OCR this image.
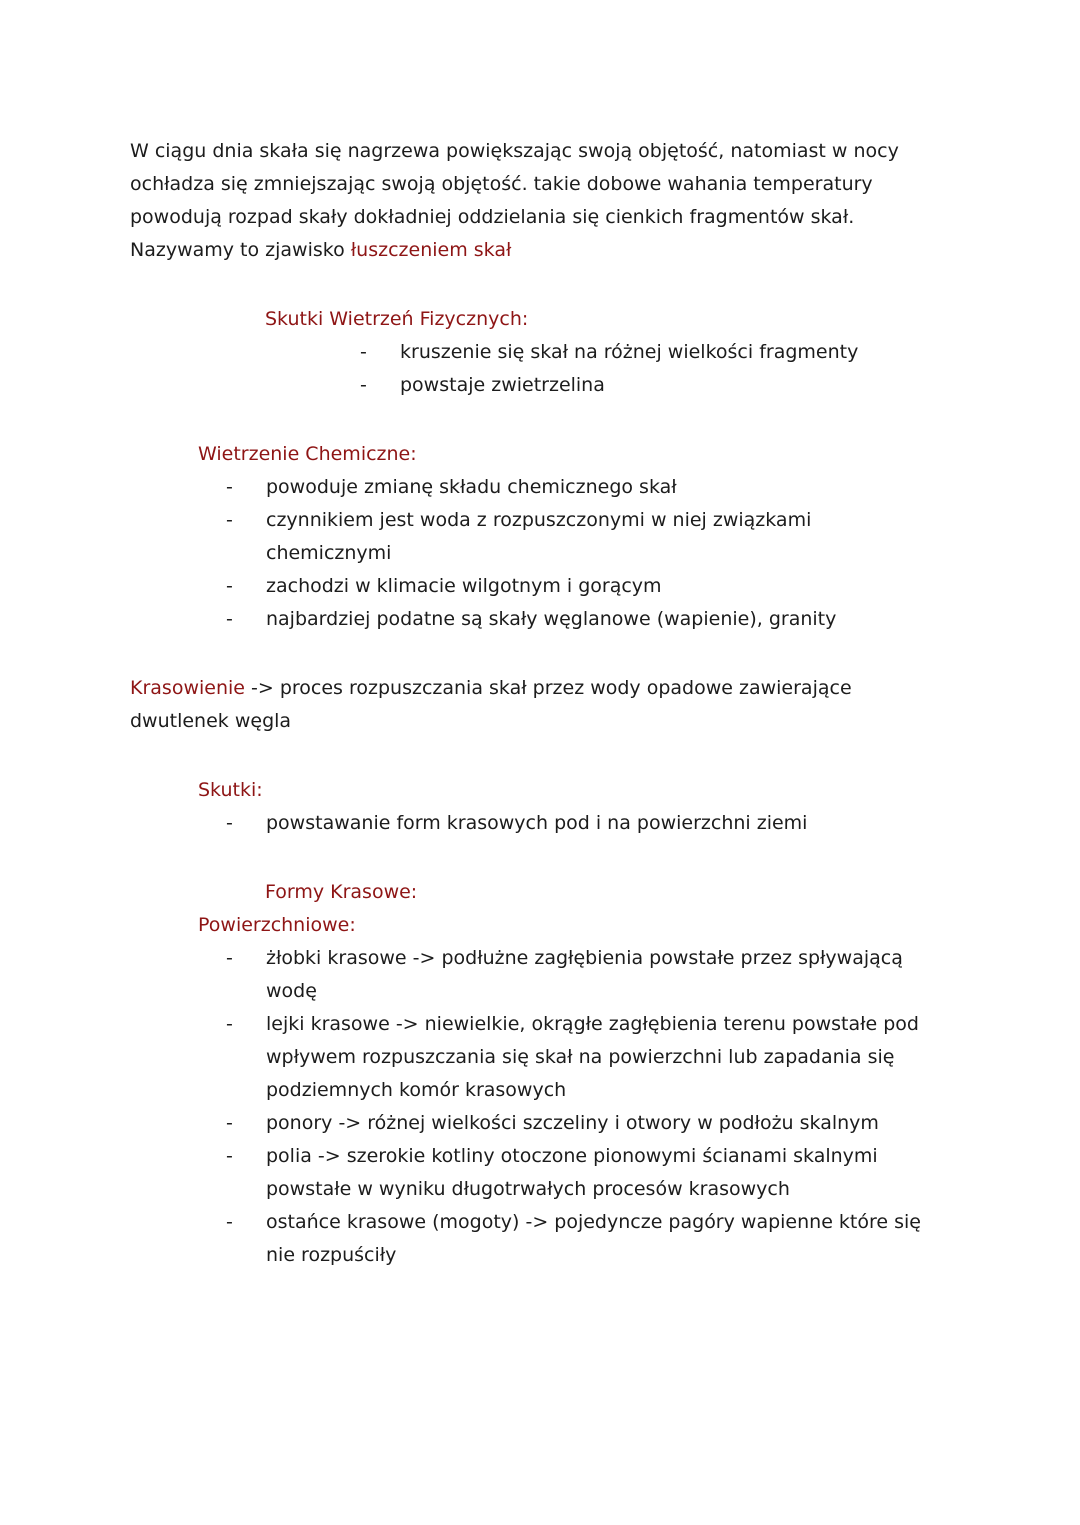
W ciągu dnia skała się nagrzewa powiększając swoją objętość, natomiast w nocy ochładza się zmniejszając swoją objętość. takie dobowe wahania temperatury powodują rozpad skały dokładniej oddzielania się cienkich fragmentów skał. Nazywamy to zjawisko łuszczeniem skał
Skutki Wietrzeń Fizycznych:
-	kruszenie się skał na różnej wielkości fragmenty
-	powstaje zwietrzelina
Wietrzenie Chemiczne:
-	powoduje zmianę składu chemicznego skał
-	czynnikiem jest woda z rozpuszczonymi w niej związkami chemicznymi
-	zachodzi w klimacie wilgotnym i gorącym
-	najbardziej podatne są skały węglanowe (wapienie), granity
Krasowienie -> proces rozpuszczania skał przez wody opadowe zawierające dwutlenek węgla
Skutki:
-	powstawanie form krasowych pod i na powierzchni ziemi
Formy Krasowe:
Powierzchniowe:
-	żłobki krasowe -> podłużne zagłębienia powstałe przez spływającą wodę
-	lejki krasowe -> niewielkie, okrągłe zagłębienia terenu powstałe pod wpływem rozpuszczania się skał na powierzchni lub zapadania się podziemnych komór krasowych
-	ponory -> różnej wielkości szczeliny i otwory w podłożu skalnym
-	polia -> szerokie kotliny otoczone pionowymi ścianami skalnymi powstałe w wyniku długotrwałych procesów krasowych
-	ostańce krasowe (mogoty) -> pojedyncze pagóry wapienne które się nie rozpuściły
